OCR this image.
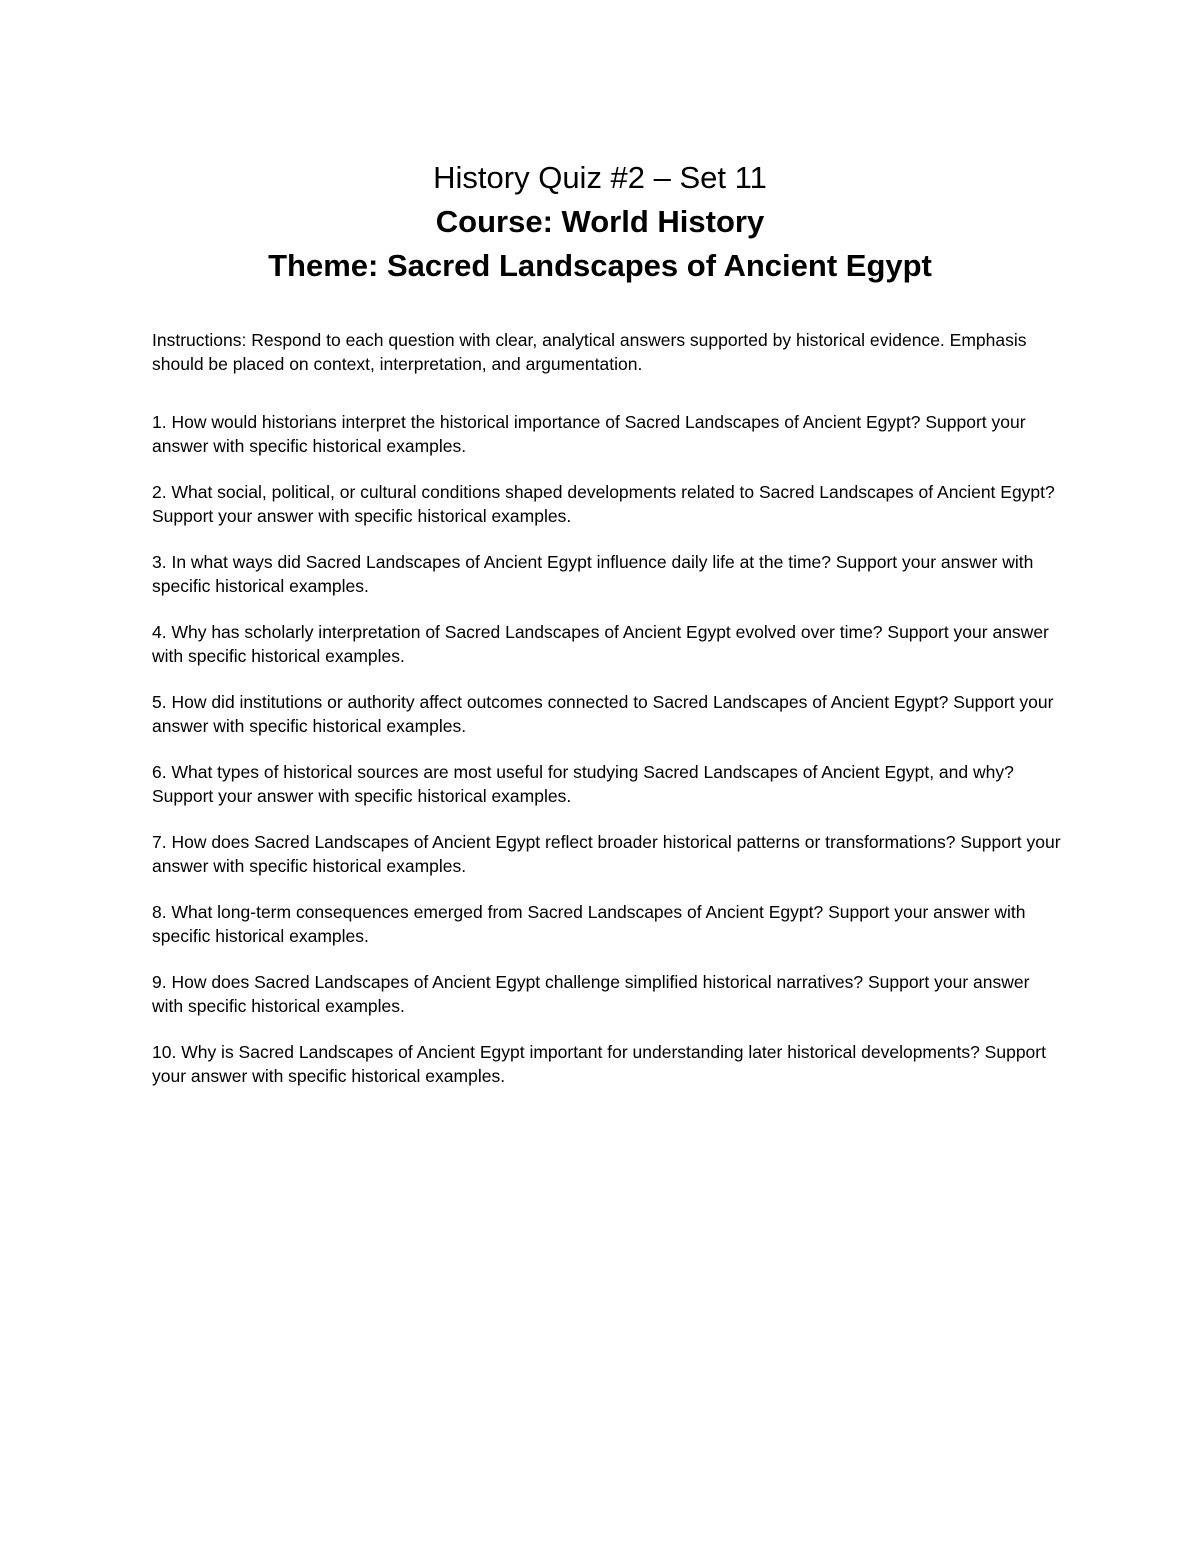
History Quiz #2 – Set 11

Course: World History

Theme: Sacred Landscapes of Ancient Egypt

Instructions: Respond to each question with clear, analytical answers supported by historical evidence. Emphasis should be placed on context, interpretation, and argumentation.

1. How would historians interpret the historical importance of Sacred Landscapes of Ancient Egypt? Support your answer with specific historical examples.

2. What social, political, or cultural conditions shaped developments related to Sacred Landscapes of Ancient Egypt? Support your answer with specific historical examples.

3. In what ways did Sacred Landscapes of Ancient Egypt influence daily life at the time? Support your answer with specific historical examples.

4. Why has scholarly interpretation of Sacred Landscapes of Ancient Egypt evolved over time? Support your answer with specific historical examples.

5. How did institutions or authority affect outcomes connected to Sacred Landscapes of Ancient Egypt? Support your answer with specific historical examples.

6. What types of historical sources are most useful for studying Sacred Landscapes of Ancient Egypt, and why? Support your answer with specific historical examples.

7. How does Sacred Landscapes of Ancient Egypt reflect broader historical patterns or transformations? Support your answer with specific historical examples.

8. What long-term consequences emerged from Sacred Landscapes of Ancient Egypt? Support your answer with specific historical examples.

9. How does Sacred Landscapes of Ancient Egypt challenge simplified historical narratives? Support your answer with specific historical examples.

10. Why is Sacred Landscapes of Ancient Egypt important for understanding later historical developments? Support your answer with specific historical examples.
